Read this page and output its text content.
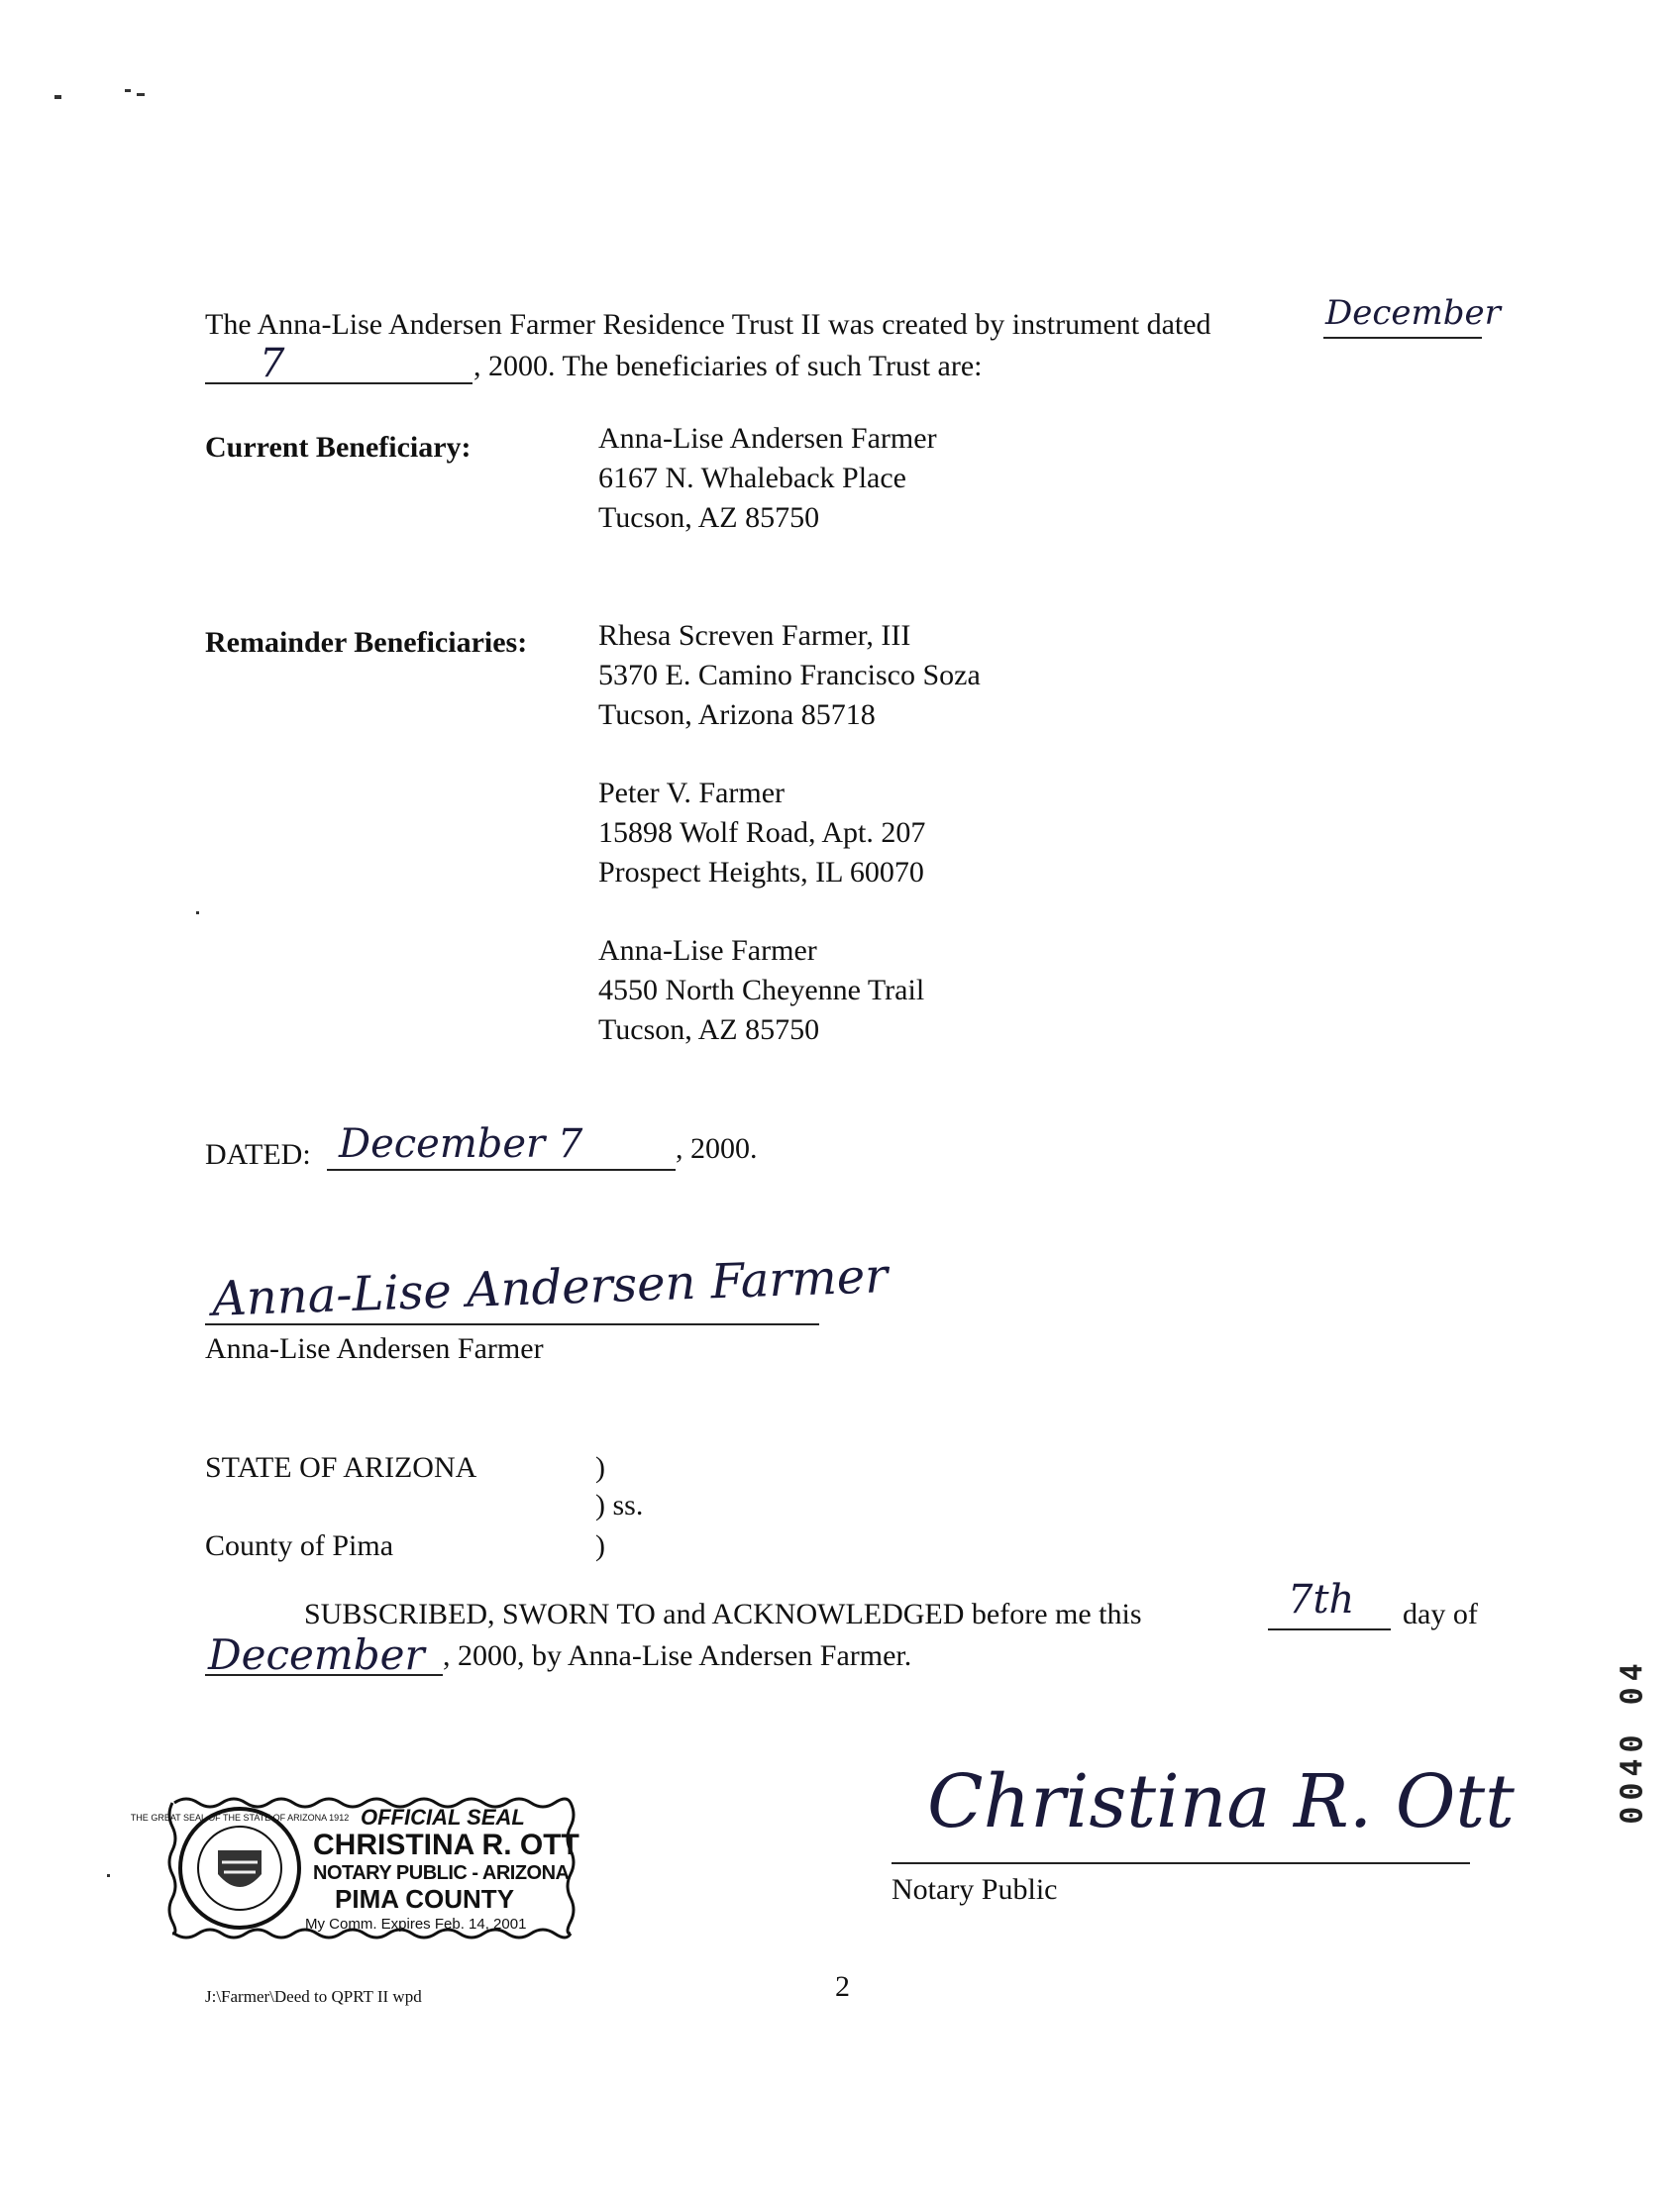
The Anna-Lise Andersen Farmer Residence Trust II was created by instrument dated	December
7	, 2000. The beneficiaries of such Trust are:
Current Beneficiary:	Anna-Lise Andersen Farmer
6167 N. Whaleback Place
Tucson, AZ 85750
Remainder Beneficiaries: Rhesa Screven Farmer, III
5370 E. Camino Francisco Soza
Tucson, Arizona 85718
Peter V. Farmer
15898 Wolf Road, Apt. 207
Prospect Heights, IL 60070
Anna-Lise Farmer
4550 North Cheyenne Trail
Tucson, AZ 85750
DATED: December 7	, 2000.
Anna-Lise Andersen Farmer
Anna-Lise Andersen Farmer
STATE OF ARIZONA	)
) ss.
County of Pima	)
SUBSCRIBED, SWORN TO and ACKNOWLEDGED before me this	7th day of
December , 2000, by Anna-Lise Andersen Farmer.
THE GREAT SEAL OF THE STATE OF ARIZONA 1912 OFFICIAL SEAL
CHRISTINA R. OTT
NOTARY PUBLIC - ARIZONA
PIMA COUNTY
My Comm. Expires Feb. 14, 2001
Christina R. Ott
Notary Public
J:\Farmer\Deed to QPRT II wpd	2
0040 04
